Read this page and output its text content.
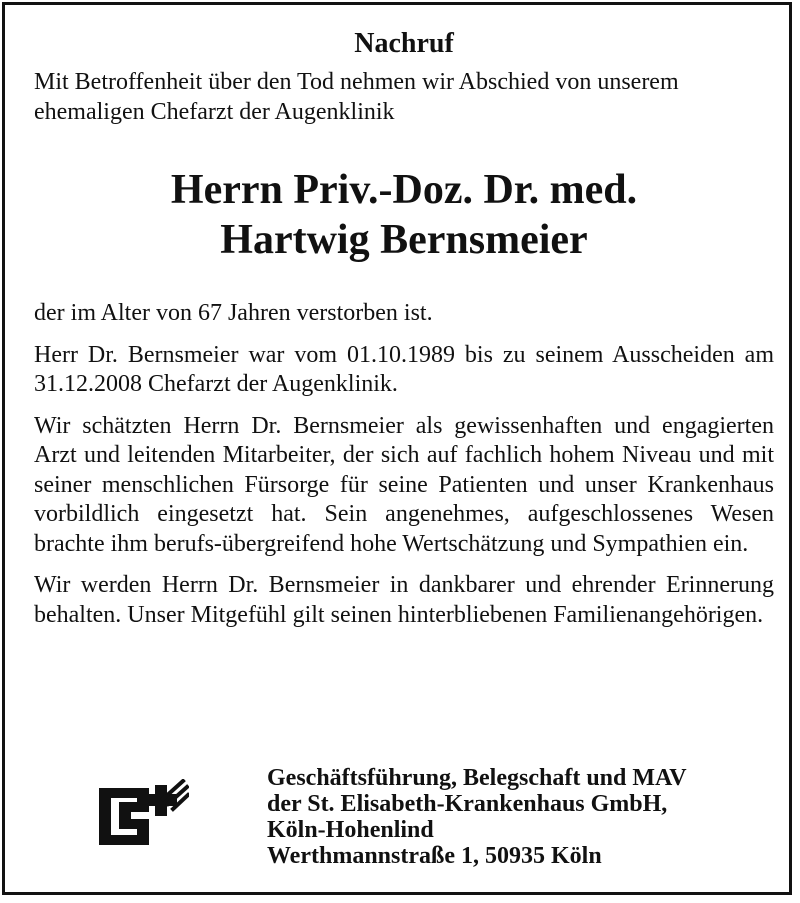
Nachruf

Mit Betroffenheit über den Tod nehmen wir Abschied von unserem ehemaligen Chefarzt der Augenklinik

Herrn Priv.-Doz. Dr. med.
Hartwig Bernsmeier

der im Alter von 67 Jahren verstorben ist.

Herr Dr. Bernsmeier war vom 01.10.1989 bis zu seinem Ausscheiden am 31.12.2008 Chefarzt der Augenklinik.

Wir schätzten Herrn Dr. Bernsmeier als gewissenhaften und engagierten Arzt und leitenden Mitarbeiter, der sich auf fachlich hohem Niveau und mit seiner menschlichen Fürsorge für seine Patienten und unser Krankenhaus vorbildlich eingesetzt hat. Sein angenehmes, aufgeschlossenes Wesen brachte ihm berufs-übergreifend hohe Wertschätzung und Sympathien ein.

Wir werden Herrn Dr. Bernsmeier in dankbarer und ehrender Erinnerung behalten. Unser Mitgefühl gilt seinen hinterbliebenen Familienangehörigen.

Geschäftsführung, Belegschaft und MAV
der St. Elisabeth-Krankenhaus GmbH,
Köln-Hohenlind
Werthmannstraße 1, 50935 Köln
